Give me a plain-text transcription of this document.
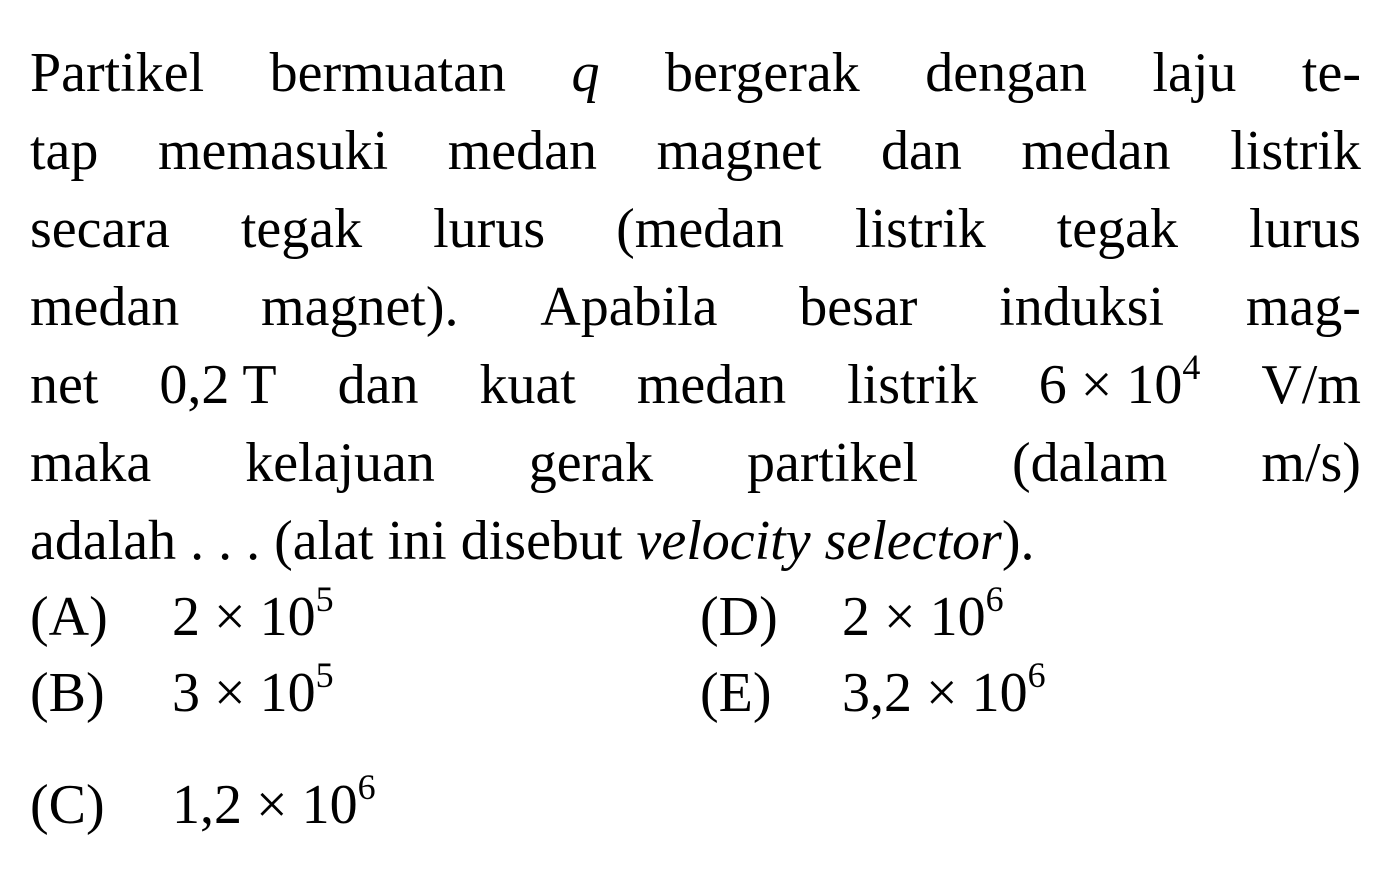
Partikel bermuatan q bergerak dengan laju te-
tap memasuki medan magnet dan medan listrik
secara tegak lurus (medan listrik tegak lurus
medan magnet). Apabila besar induksi mag-
net 0,2 T dan kuat medan listrik $6 \times 10^4$ V/m
maka kelajuan gerak partikel (dalam m/s)
adalah . . . (alat ini disebut velocity selector).
(A) $2 \times 10^5$
(B) $3 \times 10^5$
(C) $1,2 \times 10^6$
(D) $2 \times 10^6$
(E) $3,2 \times 10^6$
